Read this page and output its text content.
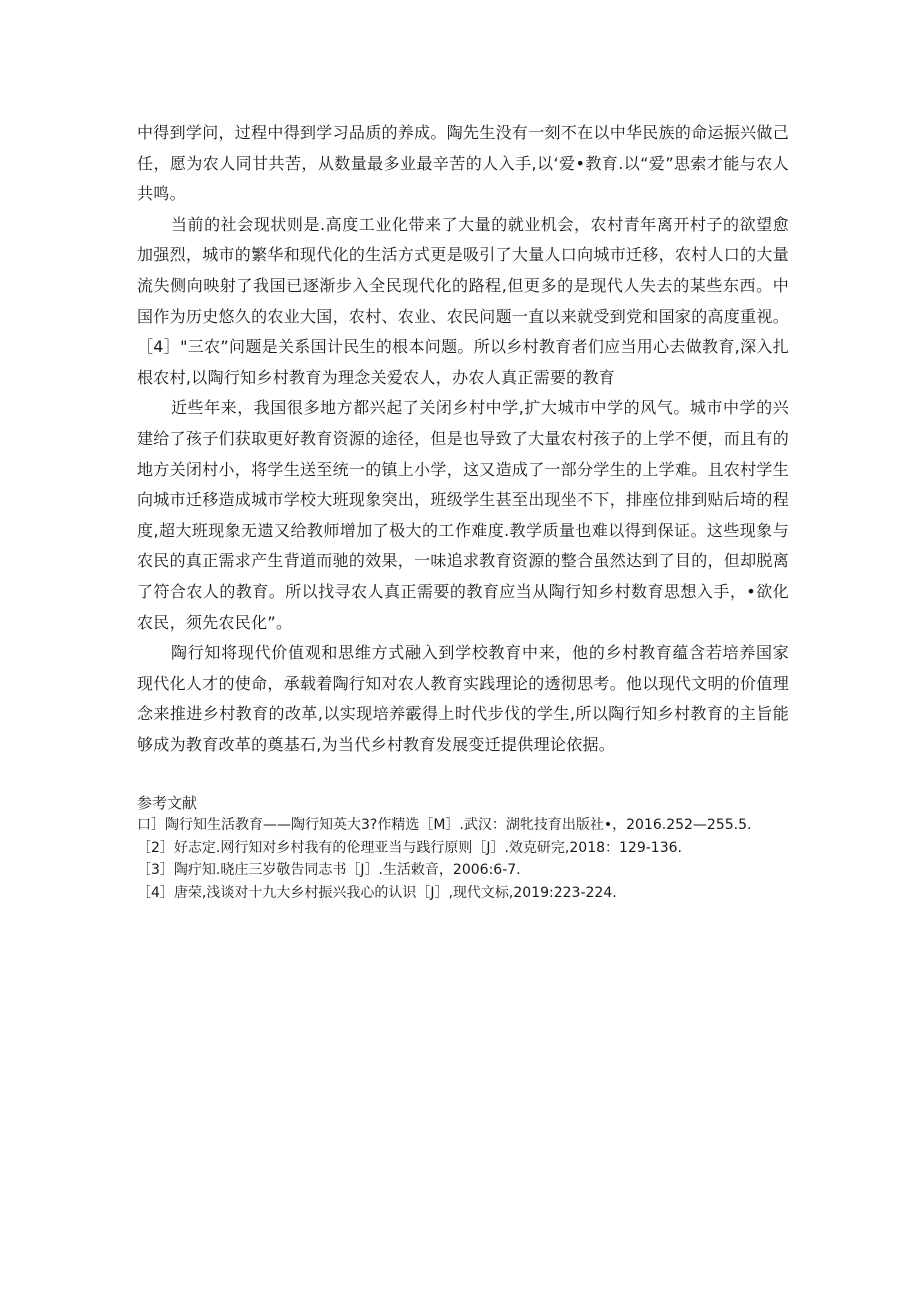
中得到学问，过程中得到学习品质的养成。陶先生没有一刻不在以中华民族的命运振兴做己任，愿为农人同甘共苦，从数量最多业最辛苦的人入手,以‘爱•教育.以“爱”思索才能与农人共鸣。

当前的社会现状则是.高度工业化带来了大量的就业机会，农村青年离开村子的欲望愈加强烈，城市的繁华和现代化的生活方式更是吸引了大量人口向城市迁移，农村人口的大量流失侧向映射了我国已逐渐步入全民现代化的路程,但更多的是现代人失去的某些东西。中国作为历史悠久的农业大国，农村、农业、农民问题一直以来就受到党和国家的高度重视。［4］"三农”问题是关系国计民生的根本问题。所以乡村教育者们应当用心去做教育,深入扎根农村,以陶行知乡村教育为理念关爱农人，办农人真正需要的教育

近些年来，我国很多地方都兴起了关闭乡村中学,扩大城市中学的风气。城市中学的兴建给了孩子们获取更好教育资源的途径，但是也导致了大量农村孩子的上学不便，而且有的地方关闭村小，将学生送至统一的镇上小学，这又造成了一部分学生的上学难。且农村学生向城市迁移造成城市学校大班现象突出，班级学生甚至出现坐不下，排座位排到贴后埼的程度,超大班现象无遗又给教师增加了极大的工作难度.教学质量也难以得到保证。这些现象与农民的真正需求产生背道而驰的效果，一味追求教育资源的整合虽然达到了目的，但却脱离了符合农人的教育。所以找寻农人真正需要的教育应当从陶行知乡村数育思想入手，•欲化农民，须先农民化”。

陶行知将现代价值观和思维方式融入到学校教育中来，他的乡村教育蕴含若培养国家现代化人才的使命，承载着陶行知对农人教育实践理论的透彻思考。他以现代文明的价值理念来推进乡村教育的改革,以实现培养霰得上时代步伐的学生,所以陶行知乡村教育的主旨能够成为教育改革的奠基石,为当代乡村教育发展变迁提供理论依据。

参考文献

口］陶行知生活教育——陶行知英大3?作精选［M］.武汉：湖牝技育出版社•，2016.252—255.5.
［2］好志定.网行知对乡村我有的伦理亚当与践行原则［J］.效克研完,2018：129-136.
［3］陶疔知.晓庄三岁敬告同志书［J］.生活敕音，2006:6-7.
［4］唐荣,浅谈对十九大乡村振兴我心的认识［J］,现代文标,2019:223-224.
